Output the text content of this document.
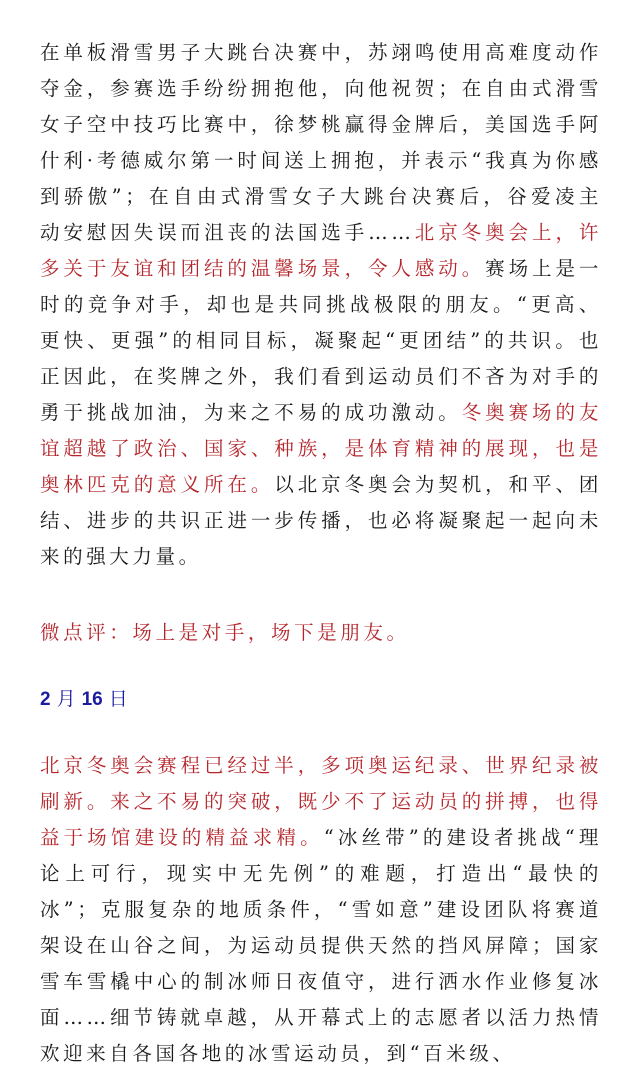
在单板滑雪男子大跳台决赛中，苏翊鸣使用高难度动作夺金，参赛选手纷纷拥抱他，向他祝贺；在自由式滑雪女子空中技巧比赛中，徐梦桃赢得金牌后，美国选手阿什利·考德威尔第一时间送上拥抱，并表示“我真为你感到骄傲”；在自由式滑雪女子大跳台决赛后，谷爱凌主动安慰因失误而沮丧的法国选手……北京冬奥会上，许多关于友谊和团结的温馨场景，令人感动。赛场上是一时的竞争对手，却也是共同挑战极限的朋友。“更高、更快、更强”的相同目标，凝聚起“更团结”的共识。也正因此，在奖牌之外，我们看到运动员们不吝为对手的勇于挑战加油，为来之不易的成功激动。冬奥赛场的友谊超越了政治、国家、种族，是体育精神的展现，也是奥林匹克的意义所在。以北京冬奥会为契机，和平、团结、进步的共识正进一步传播，也必将凝聚起一起向未来的强大力量。

微点评：场上是对手，场下是朋友。

2 月 16 日

北京冬奥会赛程已经过半，多项奥运纪录、世界纪录被刷新。来之不易的突破，既少不了运动员的拼搏，也得益于场馆建设的精益求精。“冰丝带”的建设者挑战“理论上可行，现实中无先例”的难题，打造出“最快的冰”；克服复杂的地质条件，“雪如意”建设团队将赛道架设在山谷之间，为运动员提供天然的挡风屏障；国家雪车雪橇中心的制冰师日夜值守，进行洒水作业修复冰面……细节铸就卓越，从开幕式上的志愿者以活力热情欢迎来自各国各地的冰雪运动员，到“百米级、
